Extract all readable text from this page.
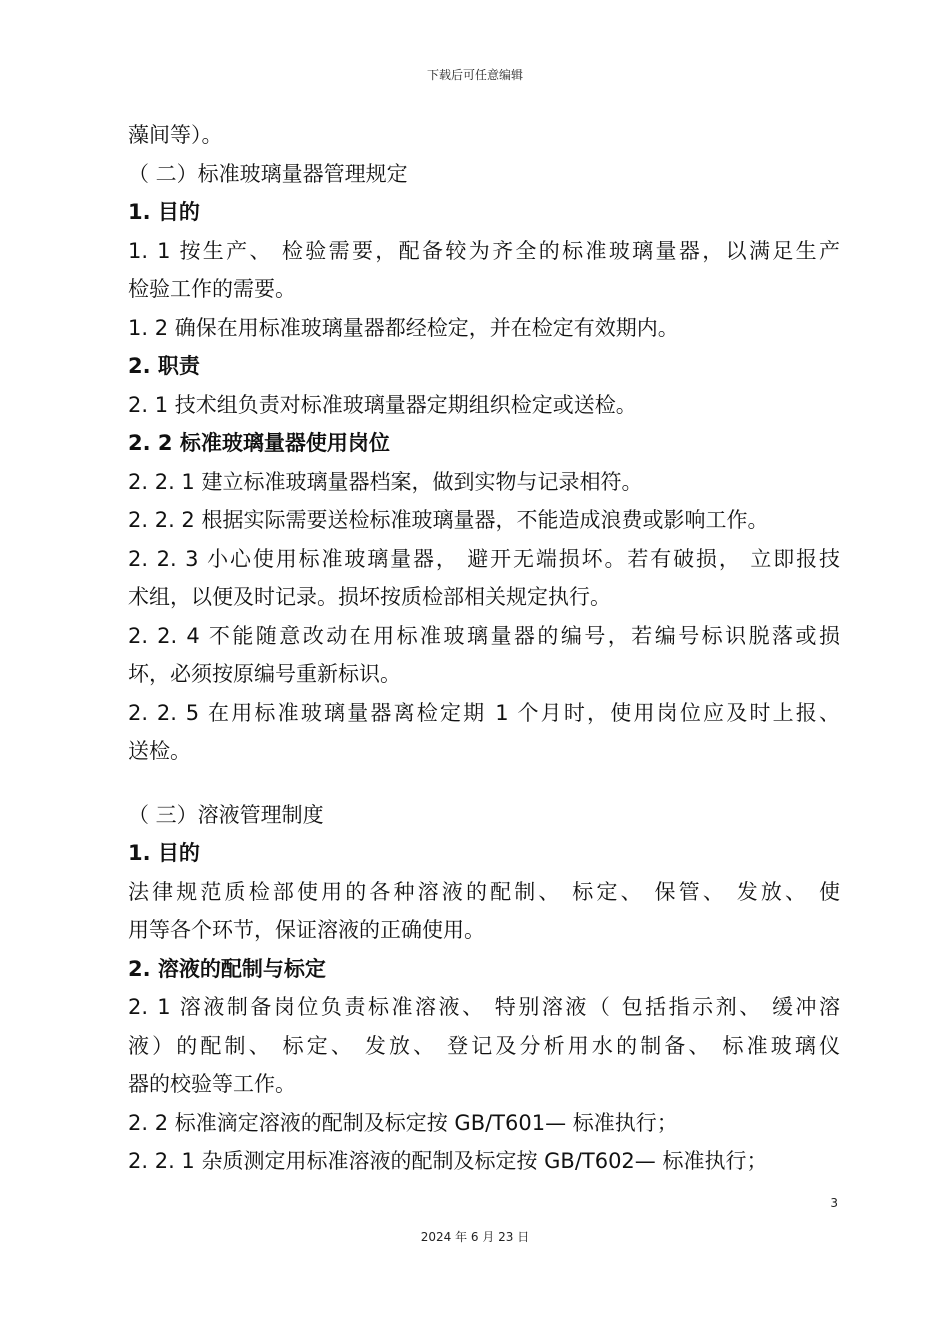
下载后可任意编辑
藻间等）。
（ 二）标准玻璃量器管理规定
1. 目的
1. 1 按生产、 检验需要，配备较为齐全的标准玻璃量器，以满足生产
检验工作的需要。
1. 2 确保在用标准玻璃量器都经检定，并在检定有效期内。
2. 职责
2. 1 技术组负责对标准玻璃量器定期组织检定或送检。
2. 2 标准玻璃量器使用岗位
2. 2. 1 建立标准玻璃量器档案，做到实物与记录相符。
2. 2. 2 根据实际需要送检标准玻璃量器，不能造成浪费或影响工作。
2. 2. 3 小心使用标准玻璃量器， 避开无端损坏。若有破损， 立即报技
术组，以便及时记录。损坏按质检部相关规定执行。
2. 2. 4 不能随意改动在用标准玻璃量器的编号，若编号标识脱落或损
坏，必须按原编号重新标识。
2. 2. 5 在用标准玻璃量器离检定期 1 个月时，使用岗位应及时上报、
送检。
（ 三）溶液管理制度
1. 目的
法律规范质检部使用的各种溶液的配制、 标定、 保管、 发放、 使
用等各个环节，保证溶液的正确使用。
2. 溶液的配制与标定
2. 1 溶液制备岗位负责标准溶液、 特别溶液（ 包括指示剂、 缓冲溶
液）的配制、 标定、 发放、 登记及分析用水的制备、 标准玻璃仪
器的校验等工作。
2. 2 标准滴定溶液的配制及标定按 GB/T601— 标准执行；
2. 2. 1 杂质测定用标准溶液的配制及标定按 GB/T602— 标准执行；
3
2024 年 6 月 23 日
